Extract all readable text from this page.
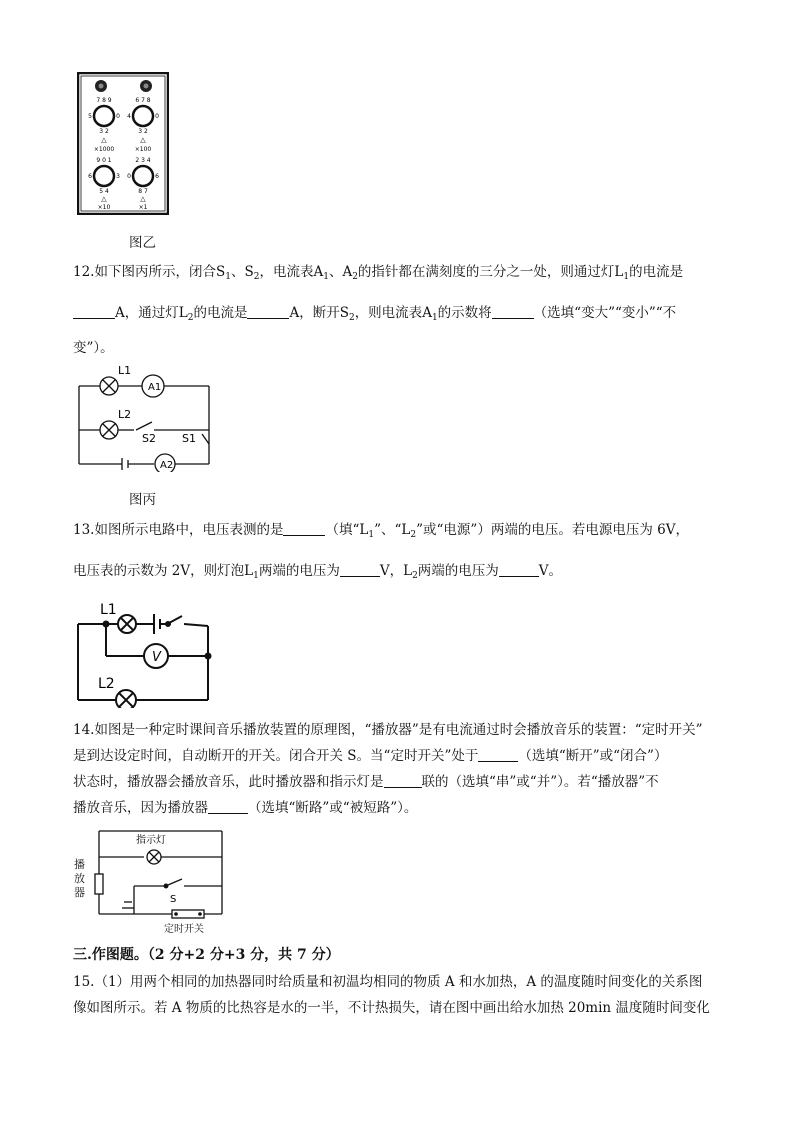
7 8 9
5	0
3 2
△
×1000
6 7 8
4	0
3 2
△
×100
9 0 1
6	3
5 4
△
×10
2 3 4
0	6
8 7
△
×1
图乙
12.如下图丙所示，闭合$S_1$、$S_2$，电流表$A_1$、$A_2$的指针都在满刻度的三分之一处，则通过灯$L_1$的电流是
A，通过灯$L_2$的电流是	A，断开$S_2$，则电流表$A_1$的示数将	（选填“变大”“变小”“不
变”）。
A1
A2
L1
L2
S2 S1
图丙
13.如图所示电路中，电压表测的是	（填“$L_1$”、“$L_2$”或“电源”）两端的电压。若电源电压为 6V，
电压表的示数为 2V，则灯泡$L_1$两端的电压为	V，$L_2$两端的电压为	V。
V
L1
L2
14.如图是一种定时课间音乐播放装置的原理图，“播放器”是有电流通过时会播放音乐的装置：“定时开关”
是到达设定时间，自动断开的开关。闭合开关 S。当“定时开关”处于	（选填“断开”或“闭合”）
状态时，播放器会播放音乐，此时播放器和指示灯是	联的（选填“串”或“并”）。若“播放器”不
播放音乐，因为播放器	（选填“断路”或“被短路”）。
指示灯
S
播放器
定时开关
三.作图题。（2 分+2 分+3 分，共 7 分）
15.（1）用两个相同的加热器同时给质量和初温均相同的物质 A 和水加热，A 的温度随时间变化的关系图
像如图所示。若 A 物质的比热容是水的一半，不计热损失，请在图中画出给水加热 20min 温度随时间变化
